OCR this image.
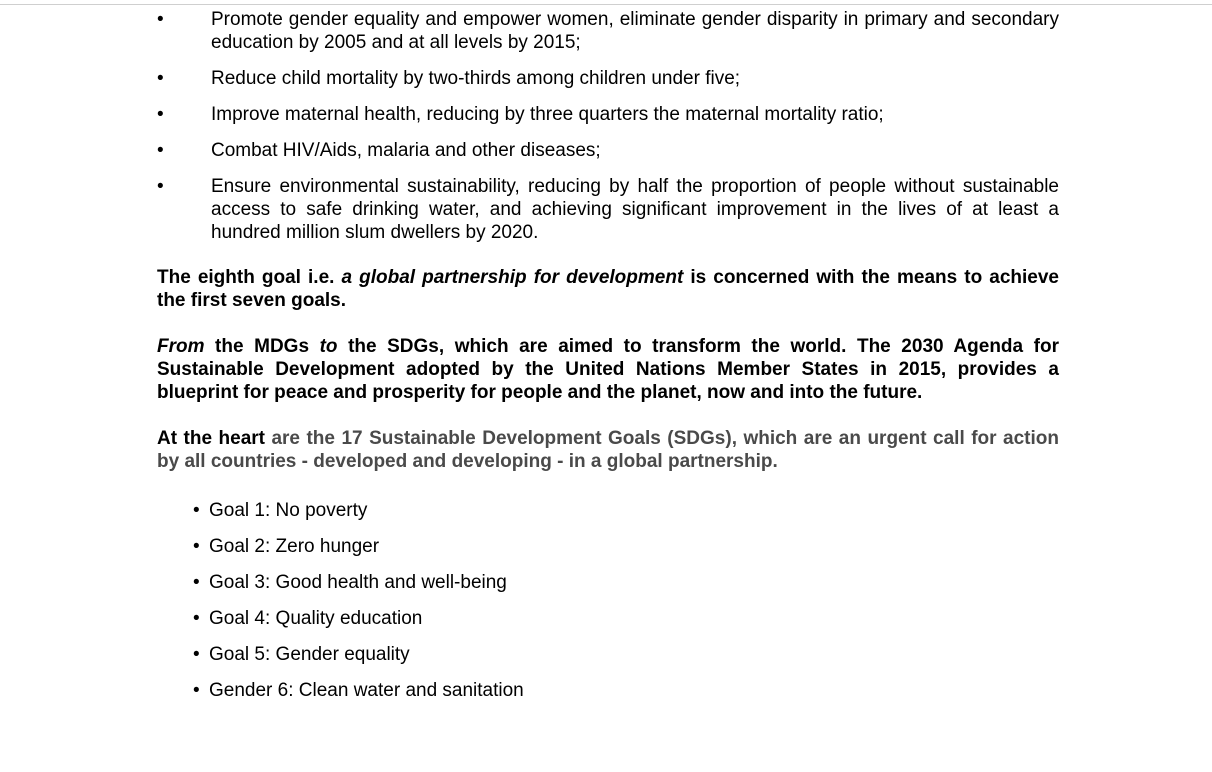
• Promote gender equality and empower women, eliminate gender disparity in primary and secondary education by 2005 and at all levels by 2015;
• Reduce child mortality by two-thirds among children under five;
• Improve maternal health, reducing by three quarters the maternal mortality ratio;
• Combat HIV/Aids, malaria and other diseases;
• Ensure environmental sustainability, reducing by half the proportion of people without sustainable access to safe drinking water, and achieving significant improvement in the lives of at least a hundred million slum dwellers by 2020.

The eighth goal i.e. a global partnership for development is concerned with the means to achieve the first seven goals.

From the MDGs to the SDGs, which are aimed to transform the world. The 2030 Agenda for Sustainable Development adopted by the United Nations Member States in 2015, provides a blueprint for peace and prosperity for people and the planet, now and into the future.

At the heart are the 17 Sustainable Development Goals (SDGs), which are an urgent call for action by all countries - developed and developing - in a global partnership.

• Goal 1: No poverty
• Goal 2: Zero hunger
• Goal 3: Good health and well-being
• Goal 4: Quality education
• Goal 5: Gender equality
• Gender 6: Clean water and sanitation
